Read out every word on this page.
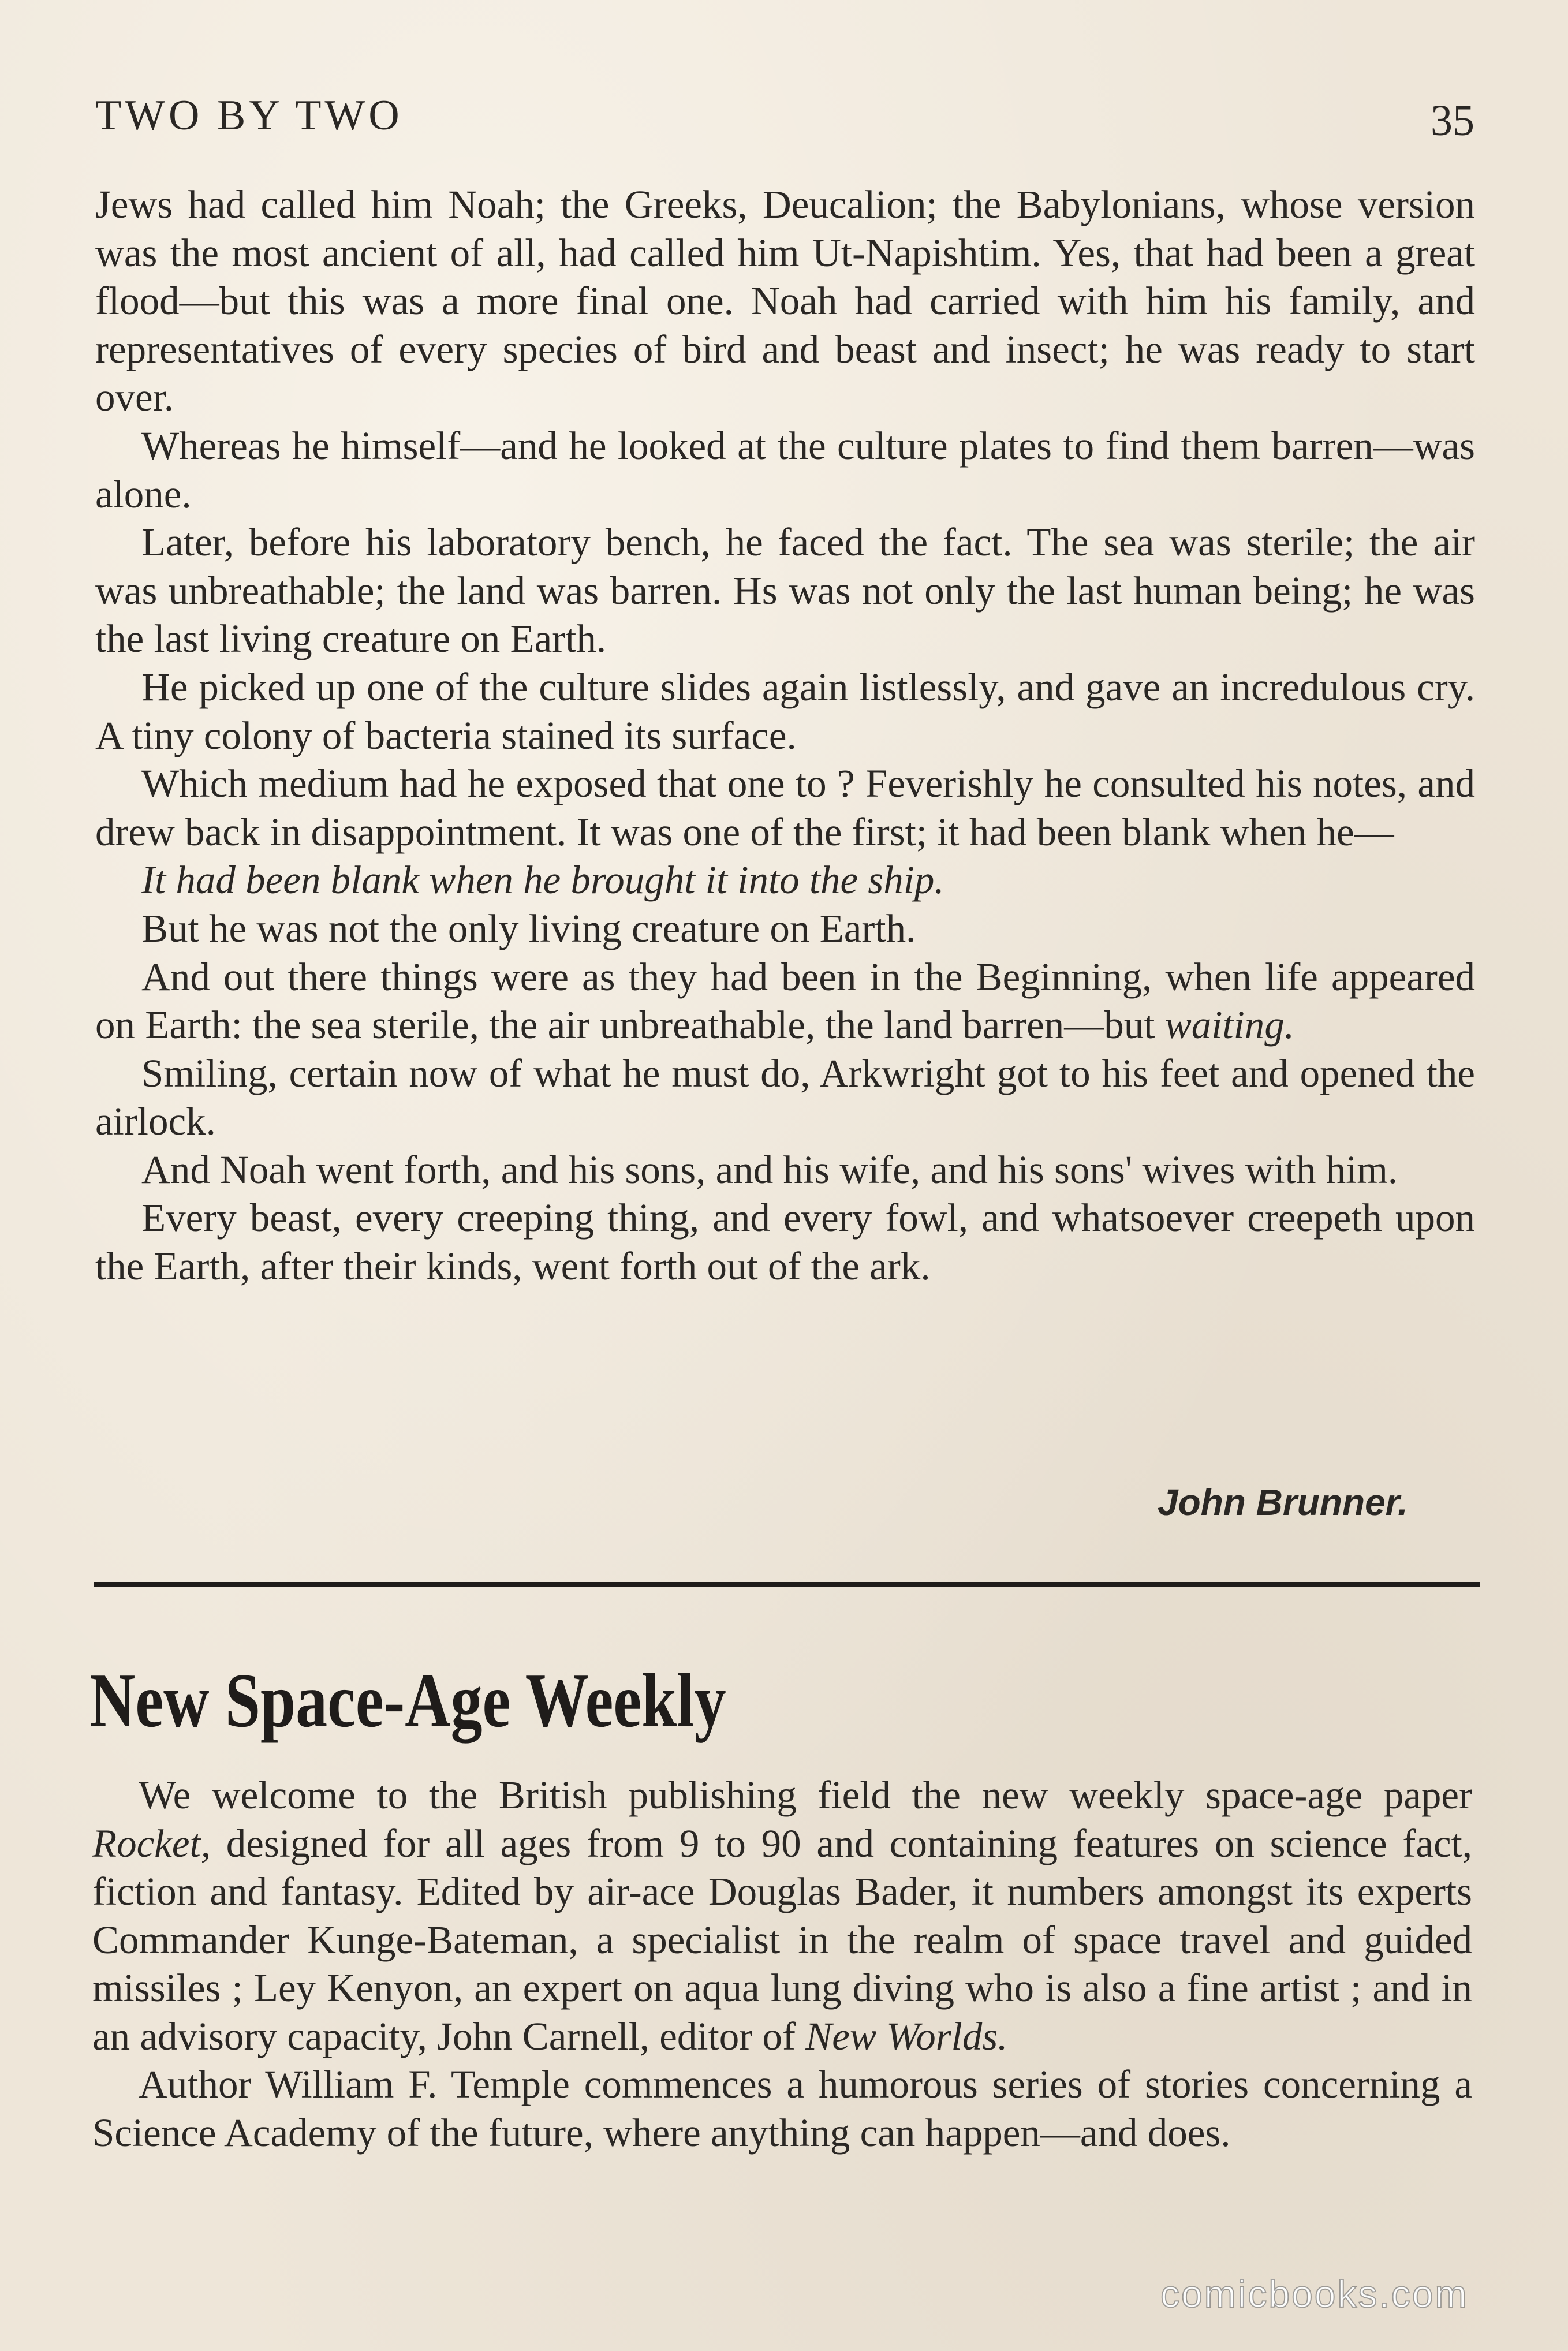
TWO BY TWO	35

Jews had called him Noah; the Greeks, Deucalion; the Babylonians, whose version was the most ancient of all, had called him Ut-Napishtim. Yes, that had been a great flood—but this was a more final one. Noah had carried with him his family, and representatives of every species of bird and beast and insect; he was ready to start over.

Whereas he himself—and he looked at the culture plates to find them barren—was alone.

Later, before his laboratory bench, he faced the fact. The sea was sterile; the air was unbreathable; the land was barren. Hs was not only the last human being; he was the last living creature on Earth.

He picked up one of the culture slides again listlessly, and gave an incredulous cry. A tiny colony of bacteria stained its surface.

Which medium had he exposed that one to ? Feverishly he consulted his notes, and drew back in disappointment. It was one of the first; it had been blank when he—

It had been blank when he brought it into the ship.

But he was not the only living creature on Earth.

And out there things were as they had been in the Beginning, when life appeared on Earth: the sea sterile, the air unbreathable, the land barren—but waiting.

Smiling, certain now of what he must do, Arkwright got to his feet and opened the airlock.

And Noah went forth, and his sons, and his wife, and his sons' wives with him.

Every beast, every creeping thing, and every fowl, and whatsoever creepeth upon the Earth, after their kinds, went forth out of the ark.

John Brunner.
New Space-Age Weekly

We welcome to the British publishing field the new weekly space-age paper Rocket, designed for all ages from 9 to 90 and containing features on science fact, fiction and fantasy. Edited by air-ace Douglas Bader, it numbers amongst its experts Commander Kunge-Bateman, a specialist in the realm of space travel and guided missiles ; Ley Kenyon, an expert on aqua lung diving who is also a fine artist ; and in an advisory capacity, John Carnell, editor of New Worlds.

Author William F. Temple commences a humorous series of stories concerning a Science Academy of the future, where anything can happen—and does.

comicbooks.com
